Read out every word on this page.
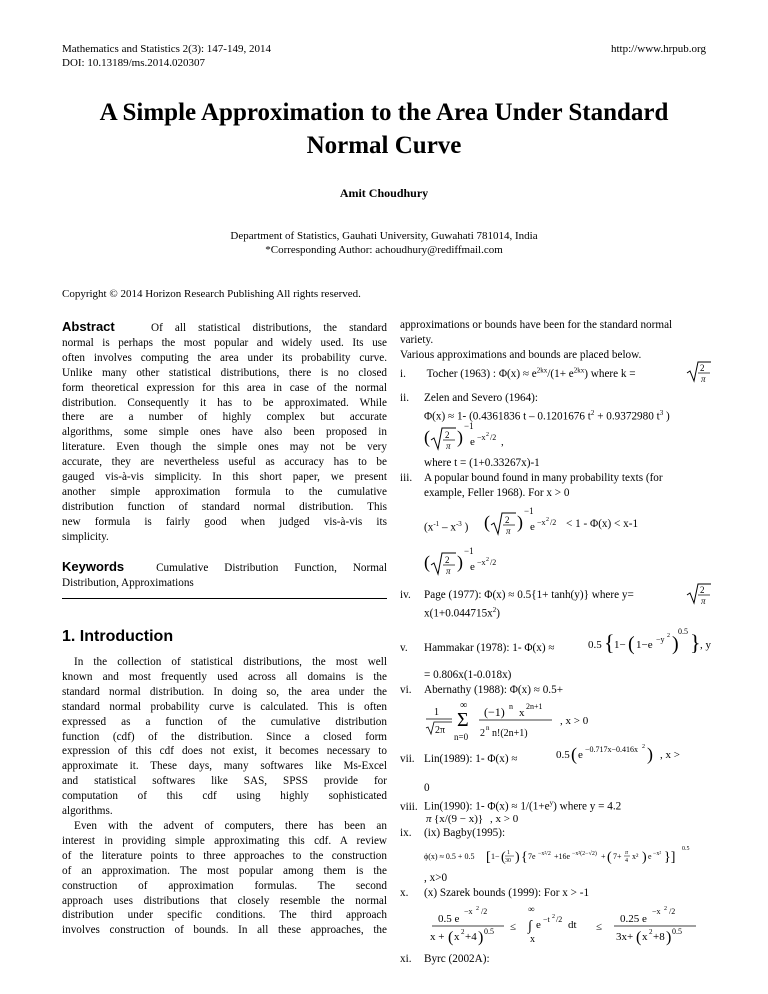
Mathematics and Statistics 2(3): 147-149, 2014
DOI: 10.13189/ms.2014.020307
http://www.hrpub.org
A Simple Approximation to the Area Under Standard
Normal Curve
Amit Choudhury
Department of Statistics, Gauhati University, Guwahati 781014, India
*Corresponding Author: achoudhury@rediffmail.com
Copyright © 2014 Horizon Research Publishing All rights reserved.
Abstract	Of all statistical distributions, the standard
normal is perhaps the most popular and widely used. Its use
often involves computing the area under its probability curve.
Unlike many other statistical distributions, there is no closed
form theoretical expression for this area in case of the normal
distribution. Consequently it has to be approximated. While
there are a number of highly complex but accurate
algorithms, some simple ones have also been proposed in
literature. Even though the simple ones may not be very
accurate, they are nevertheless useful as accuracy has to be
gauged vis-à-vis simplicity. In this short paper, we present
another simple approximation formula to the cumulative
distribution function of standard normal distribution. This
new formula is fairly good when judged vis-à-vis its
simplicity.
Keywords	Cumulative Distribution Function, Normal
Distribution, Approximations
1. Introduction
In the collection of statistical distributions, the most well
known and most frequently used across all domains is the
standard normal distribution. In doing so, the area under the
standard normal probability curve is calculated. This is often
expressed as a function of the cumulative distribution
function (cdf) of the distribution. Since a closed form
expression of this cdf does not exist, it becomes necessary to
approximate it. These days, many softwares like Ms-Excel
and statistical softwares like SAS, SPSS provide for
computation of this cdf using highly sophisticated
algorithms.
Even with the advent of computers, there has been an
interest in providing simple approximating this cdf. A review
of the literature points to three approaches to the construction
of an approximation. The most popular among them is the
construction of approximation formulas. The second
approach uses distributions that closely resemble the normal
distribution under specific conditions. The third approach
involves construction of bounds. In all these approaches, the
approximations or bounds have been for the standard normal
variety.
Various approximations and bounds are placed below.
i. Tocher (1963) : $\Phi(x) \approx e^{2kx}/(1+ e^{2kx})$ where k =	2
π
ii. Zelen and Severo (1964):
Φ(x) ≈ 1- (0.4361836 t – 0.1201676 $t^2 + 0.9372980$ $t^3$ )
( 2
π )
−1
e −x 2 /2 ,
where t = (1+0.33267x)-1
iii. A popular bound found in many probability texts (for
example, Feller 1968). For x > 0
($x^{-1} - x^{-3}$ ) ( 2
π )
−1
e −x 2 /2 < 1 - Φ(x) < x-1
( 2
π )
−1
e −x 2 /2
iv. Page (1977): Φ(x) ≈ 0.5{1+ tanh(y)} where y=	2
π
$x(1+0.044715x^2)$
v. Hammakar (1978): 1- Φ(x) ≈	0.5 { 1− ( 1−e −y 2 )
0.5 } , y
= 0.806x(1-0.018x)
vi. Abernathy (1988): Φ(x) ≈ 0.5+
1
2π
∞
Σ
n=0
(−1) n
x
2n+1
2 n n!(2n+1)
, x > 0
vii. Lin(1989): 1- Φ(x) ≈	0.5 ( e −0.717x−0.416x 2 ) , x >
0
viii. Lin(1990): 1- $\Phi(x) \approx 1/(1+e^y)$ where y = 4.2
π {x/(9 − x)} , x > 0
ix. (ix) Bagby(1995):
ϕ(x) ≈ 0.5 + 0.5 [ 1− ( 1
30 ) { 7e −x²/2 +16e −x²(2−√2) + ( 7+ π
4 x² ) e −x² }]
0.5
, x>0
x. (x) Szarek bounds (1999): For x > -1
0.5 e
−x 2 /2
x + ( x 2 +4 ) 0.5 ≤
∞
∫ e −t 2 /2 dt
x
≤
0.25 e
−x 2 /2
3x+ ( x 2 +8 ) 0.5
xi. Byrc (2002A):
